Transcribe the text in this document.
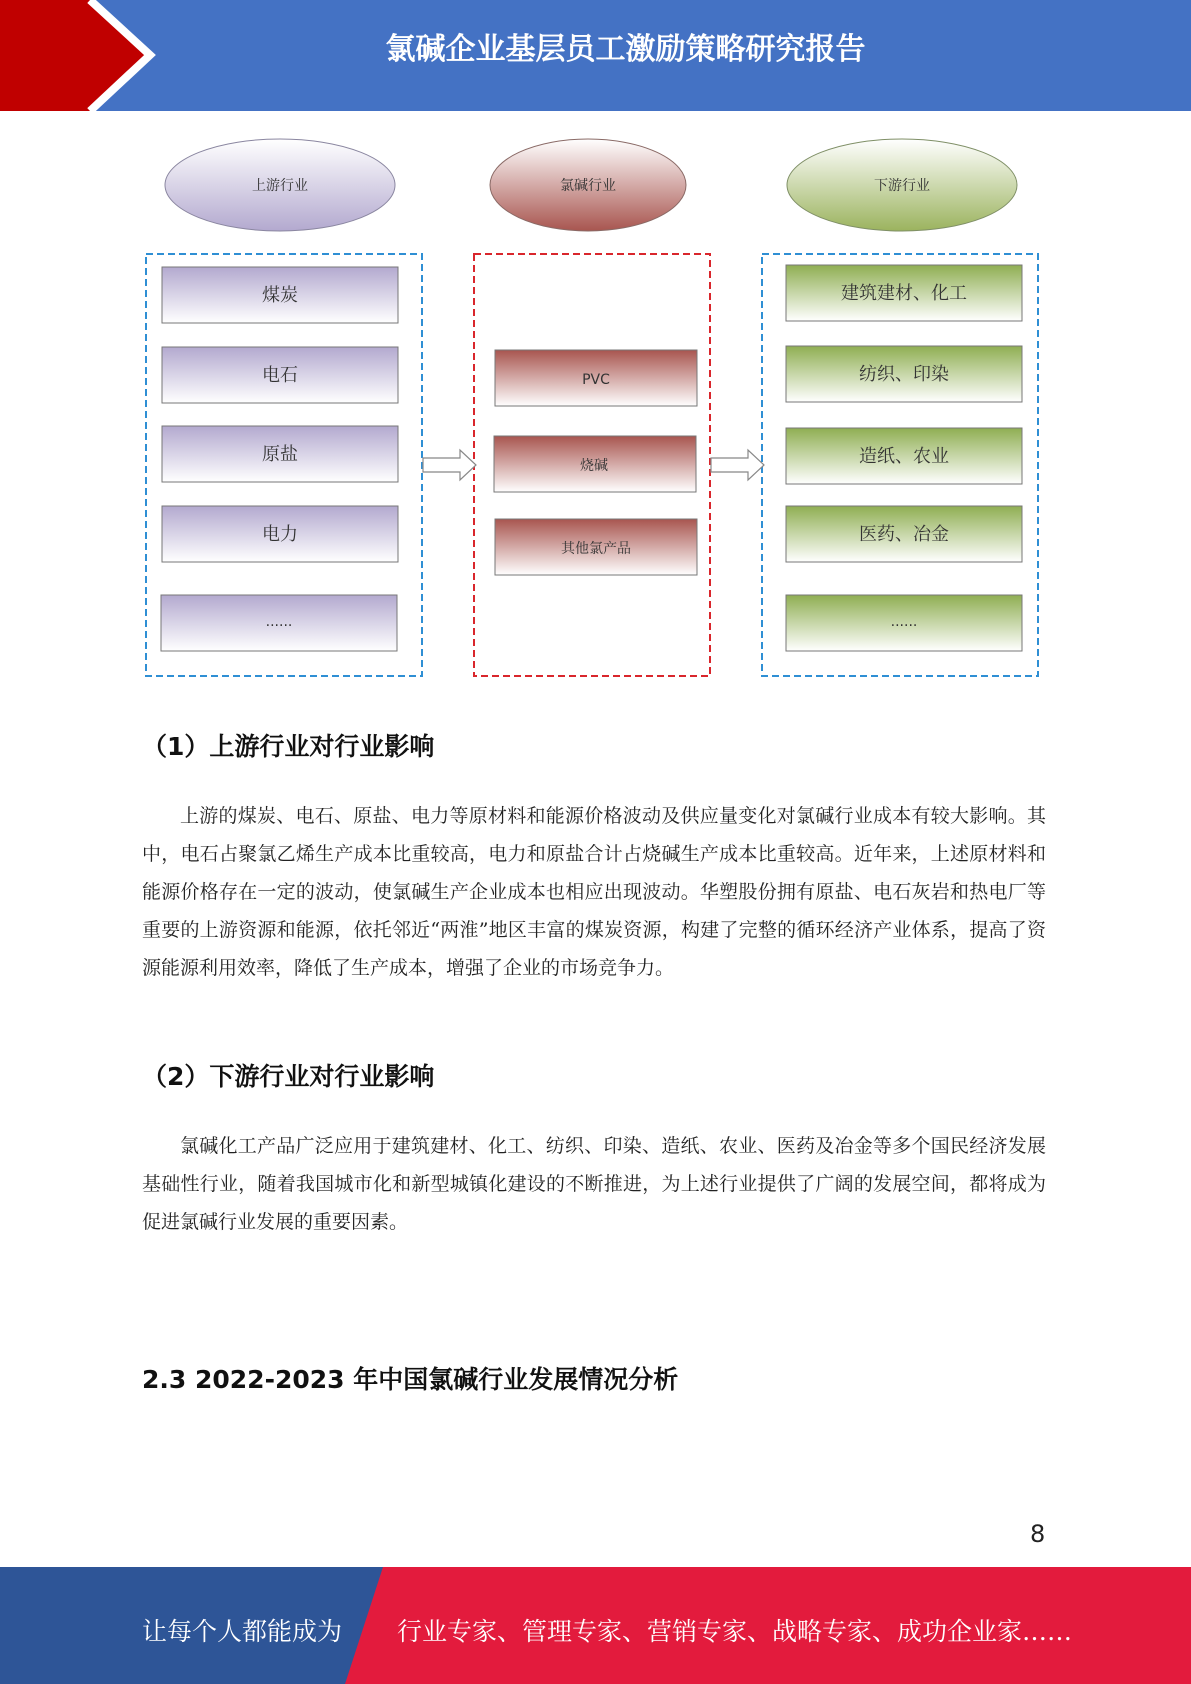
氯碱企业基层员工激励策略研究报告
上游行业	氯碱行业	下游行业
煤炭
电石
原盐
电力
......
PVC
烧碱
其他氯产品
建筑建材、化工
纺织、印染
造纸、农业
医药、冶金
......
（1）上游行业对行业影响

上游的煤炭、电石、原盐、电力等原材料和能源价格波动及供应量变化对氯碱行业成本有较大影响。其中，电石占聚氯乙烯生产成本比重较高，电力和原盐合计占烧碱生产成本比重较高。近年来，上述原材料和能源价格存在一定的波动，使氯碱生产企业成本也相应出现波动。华塑股份拥有原盐、电石灰岩和热电厂等重要的上游资源和能源，依托邻近“两淮”地区丰富的煤炭资源，构建了完整的循环经济产业体系，提高了资源能源利用效率，降低了生产成本，增强了企业的市场竞争力。

（2）下游行业对行业影响

氯碱化工产品广泛应用于建筑建材、化工、纺织、印染、造纸、农业、医药及冶金等多个国民经济发展基础性行业，随着我国城市化和新型城镇化建设的不断推进，为上述行业提供了广阔的发展空间，都将成为促进氯碱行业发展的重要因素。

2.3 2022-2023 年中国氯碱行业发展情况分析
8
让每个人都能成为 行业专家、管理专家、营销专家、战略专家、成功企业家……
